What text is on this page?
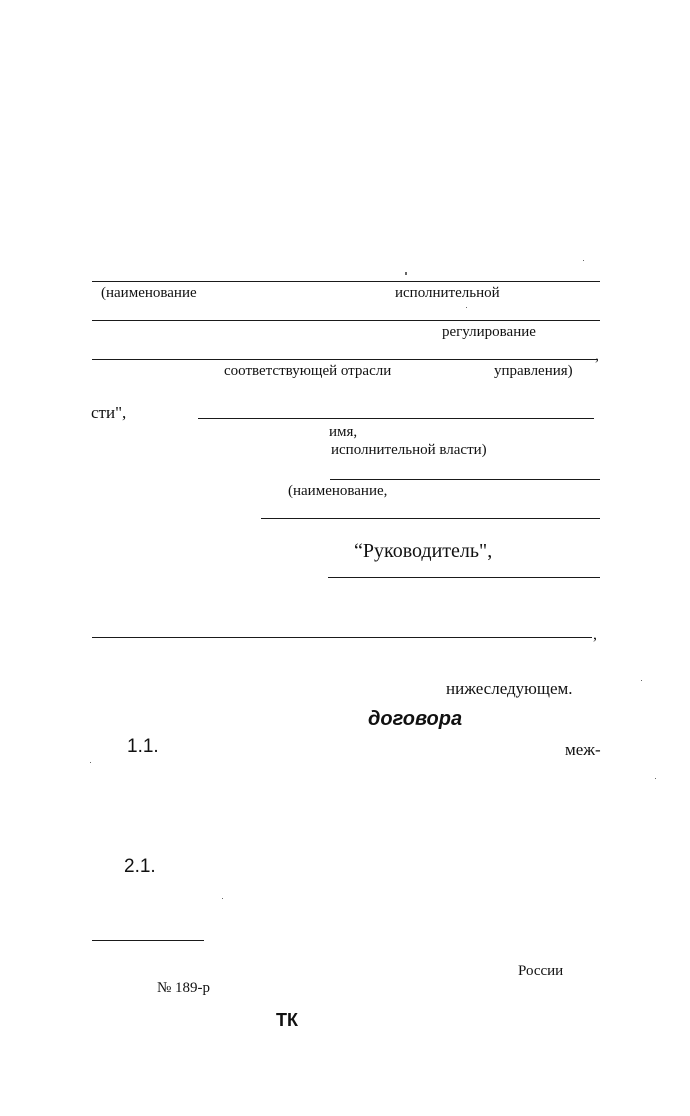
(наименование	исполнительной
регулирование
,
соответствующей отрасли	управления)
сти",
имя,
исполнительной власти)
(наименование,
“Руководитель",
,
нижеследующем.
договора
1.1.	меж-
2.1.
России
№ 189-р
ТК
